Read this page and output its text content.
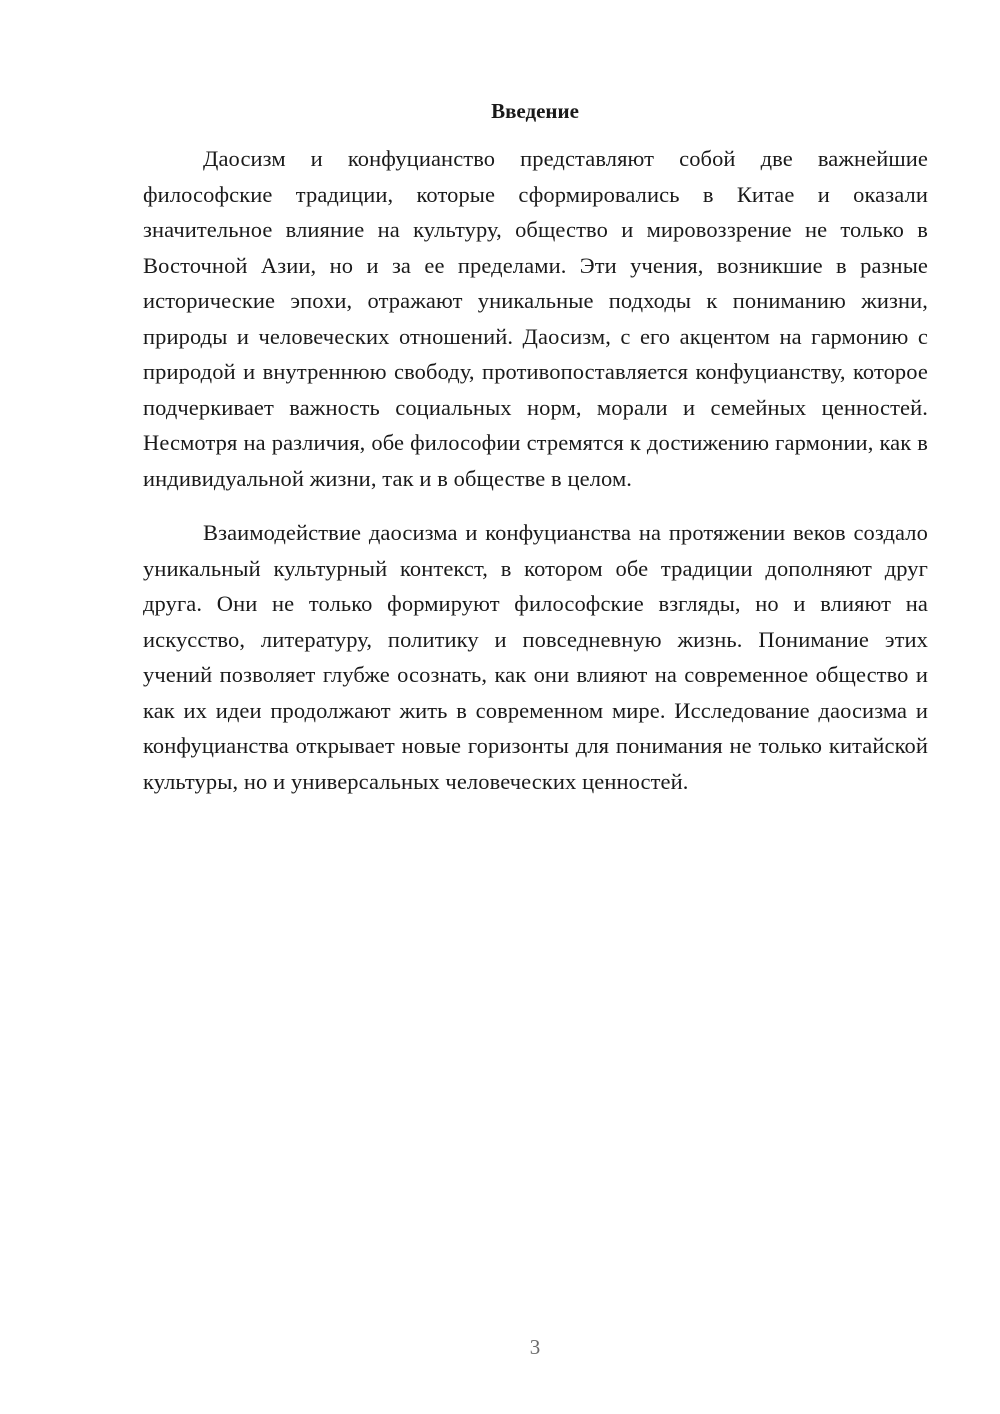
Введение

Даосизм и конфуцианство представляют собой две важнейшие философские традиции, которые сформировались в Китае и оказали значительное влияние на культуру, общество и мировоззрение не только в Восточной Азии, но и за ее пределами. Эти учения, возникшие в разные исторические эпохи, отражают уникальные подходы к пониманию жизни, природы и человеческих отношений. Даосизм, с его акцентом на гармонию с природой и внутреннюю свободу, противопоставляется конфуцианству, которое подчеркивает важность социальных норм, морали и семейных ценностей. Несмотря на различия, обе философии стремятся к достижению гармонии, как в индивидуальной жизни, так и в обществе в целом.

Взаимодействие даосизма и конфуцианства на протяжении веков создало уникальный культурный контекст, в котором обе традиции дополняют друг друга. Они не только формируют философские взгляды, но и влияют на искусство, литературу, политику и повседневную жизнь. Понимание этих учений позволяет глубже осознать, как они влияют на современное общество и как их идеи продолжают жить в современном мире. Исследование даосизма и конфуцианства открывает новые горизонты для понимания не только китайской культуры, но и универсальных человеческих ценностей.

3
